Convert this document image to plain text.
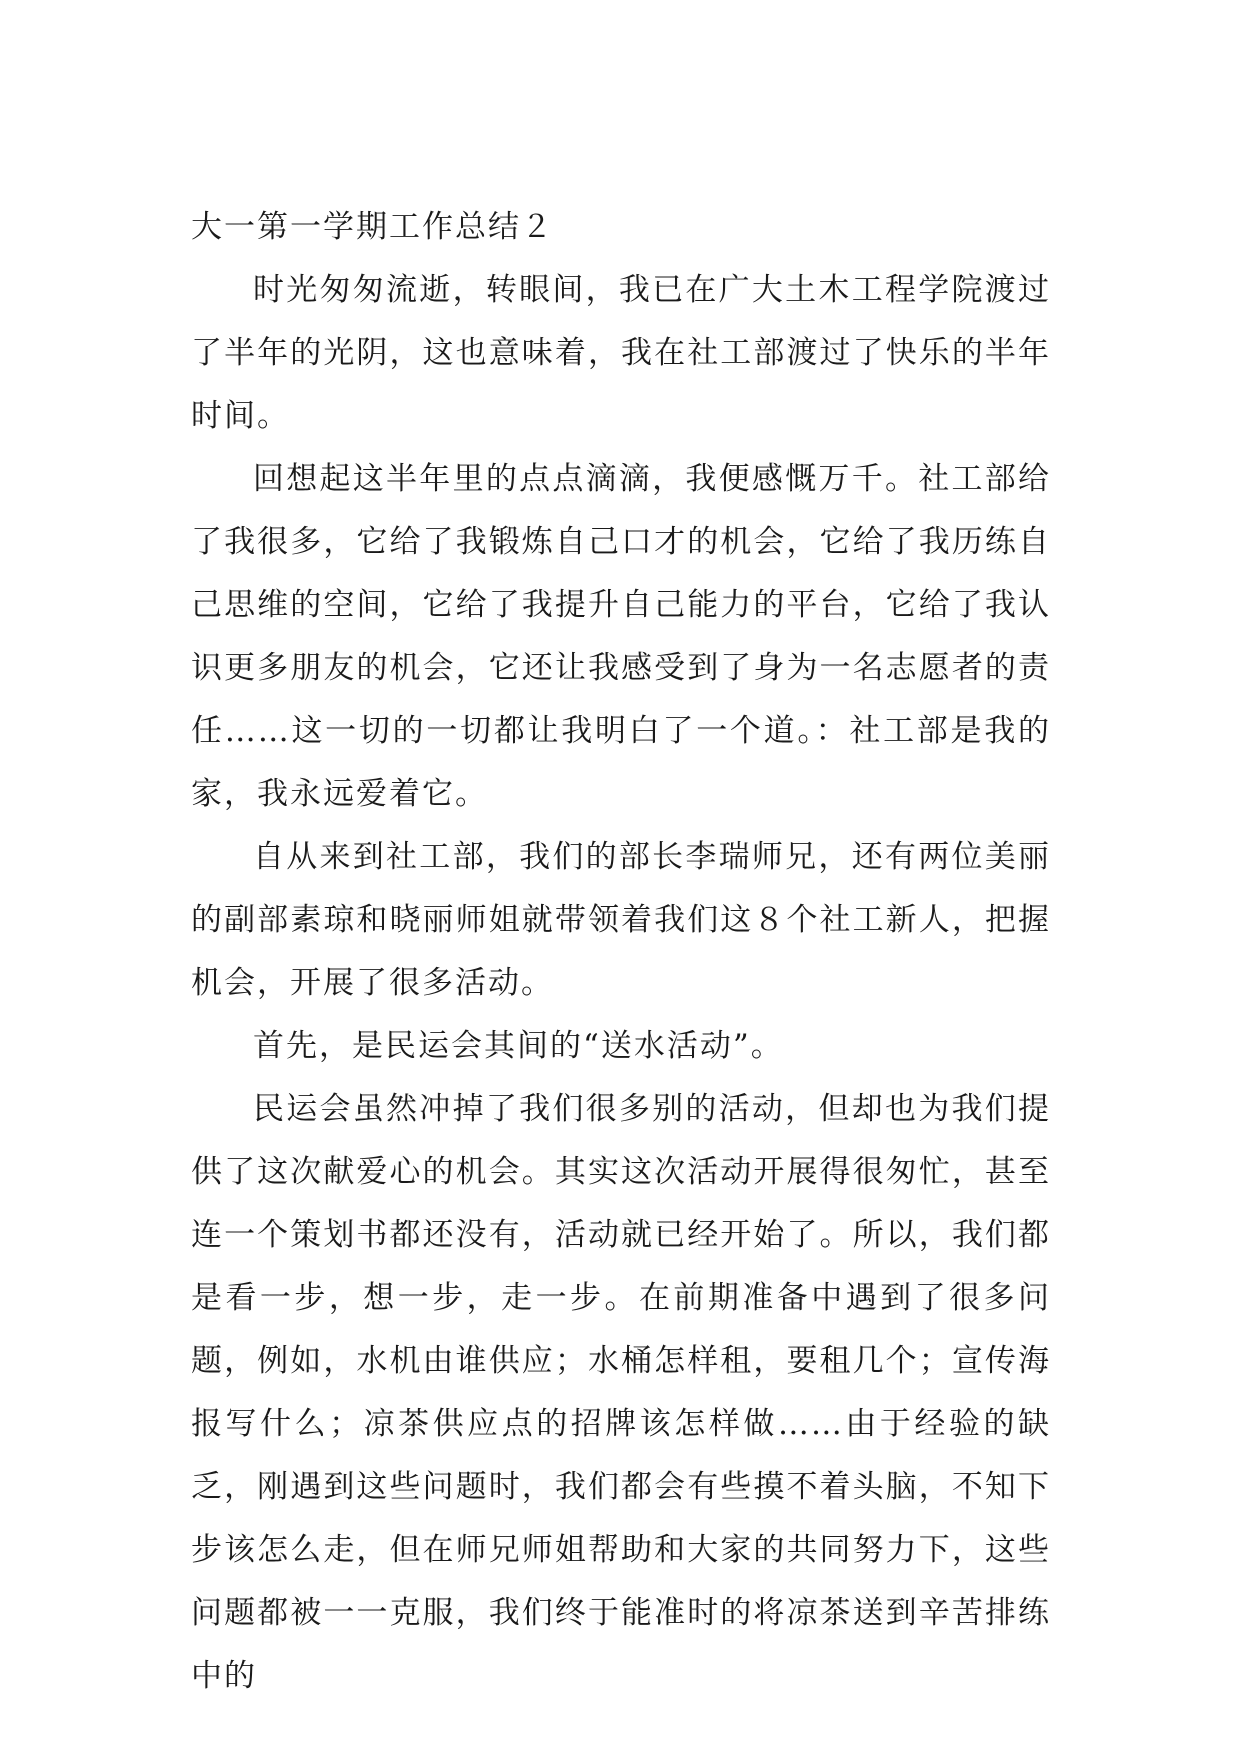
大一第一学期工作总结２

时光匆匆流逝，转眼间，我已在广大土木工程学院渡过了半年的光阴，这也意味着，我在社工部渡过了快乐的半年时间。

回想起这半年里的点点滴滴，我便感慨万千。社工部给了我很多，它给了我锻炼自己口才的机会，它给了我历练自己思维的空间，它给了我提升自己能力的平台，它给了我认识更多朋友的机会，它还让我感受到了身为一名志愿者的责任……这一切的一切都让我明白了一个道。：社工部是我的家，我永远爱着它。

自从来到社工部，我们的部长李瑞师兄，还有两位美丽的副部素琼和晓丽师姐就带领着我们这８个社工新人，把握机会，开展了很多活动。

首先，是民运会其间的“送水活动”。

民运会虽然冲掉了我们很多别的活动，但却也为我们提供了这次献爱心的机会。其实这次活动开展得很匆忙，甚至连一个策划书都还没有，活动就已经开始了。所以，我们都是看一步，想一步，走一步。在前期准备中遇到了很多问题，例如，水机由谁供应；水桶怎样租，要租几个；宣传海报写什么；凉茶供应点的招牌该怎样做……由于经验的缺乏，刚遇到这些问题时，我们都会有些摸不着头脑，不知下步该怎么走，但在师兄师姐帮助和大家的共同努力下，这些问题都被一一克服，我们终于能准时的将凉茶送到辛苦排练中的
